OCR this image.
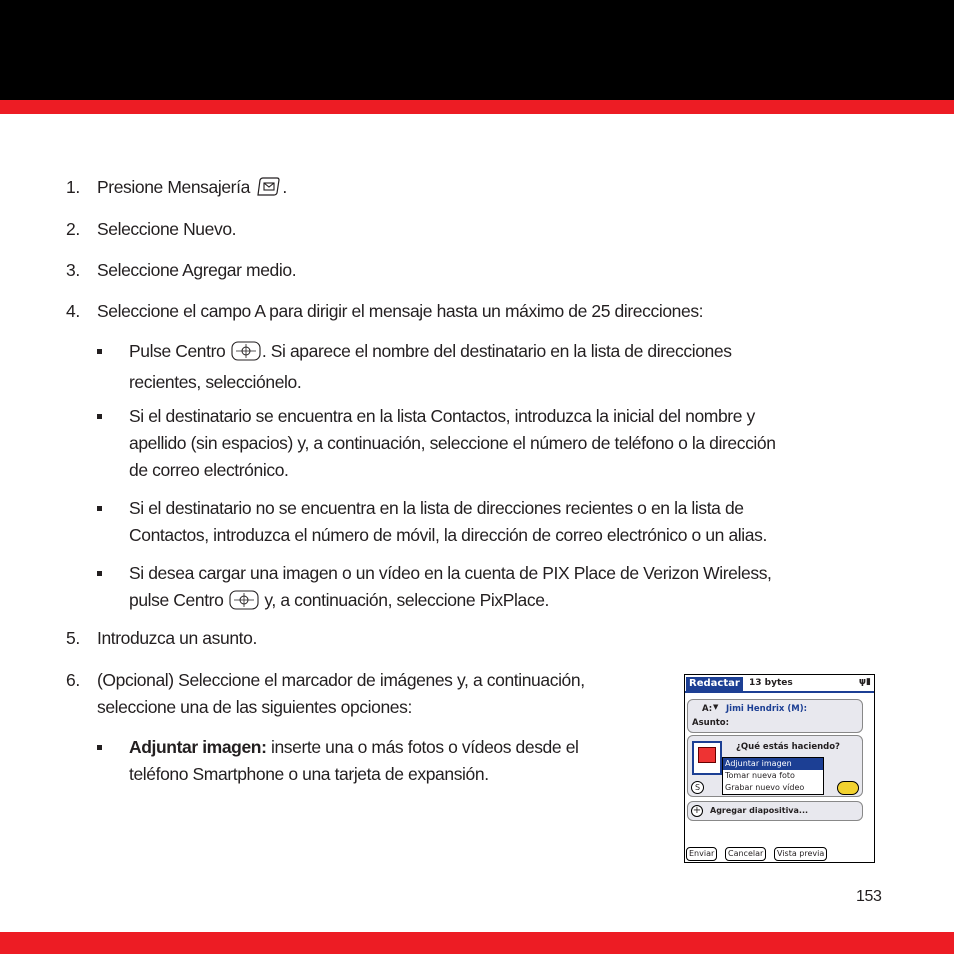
1. Presione Mensajería .
2. Seleccione Nuevo.
3. Seleccione Agregar medio.
4. Seleccione el campo A para dirigir el mensaje hasta un máximo de 25 direcciones:
Pulse Centro . Si aparece el nombre del destinatario en la lista de direcciones
recientes, selecciónelo.
Si el destinatario se encuentra en la lista Contactos, introduzca la inicial del nombre y
apellido (sin espacios) y, a continuación, seleccione el número de teléfono o la dirección
de correo electrónico.
Si el destinatario no se encuentra en la lista de direcciones recientes o en la lista de
Contactos, introduzca el número de móvil, la dirección de correo electrónico o un alias.
Si desea cargar una imagen o un vídeo en la cuenta de PIX Place de Verizon Wireless,
pulse Centro  y, a continuación, seleccione PixPlace.
5. Introduzca un asunto.
6. (Opcional) Seleccione el marcador de imágenes y, a continuación,
seleccione una de las siguientes opciones:
Adjuntar imagen: inserte una o más fotos o vídeos desde el
teléfono Smartphone o una tarjeta de expansión.
Redactar	13 bytes	ψ▮
A: ▼ Jimi Hendrix (M):
Asunto:
¿Qué estás haciendo?
Adjuntar imagen
Tomar nueva foto
Grabar nuevo vídeo
S
+ Agregar diapositiva...
Enviar	Cancelar	Vista previa
153
